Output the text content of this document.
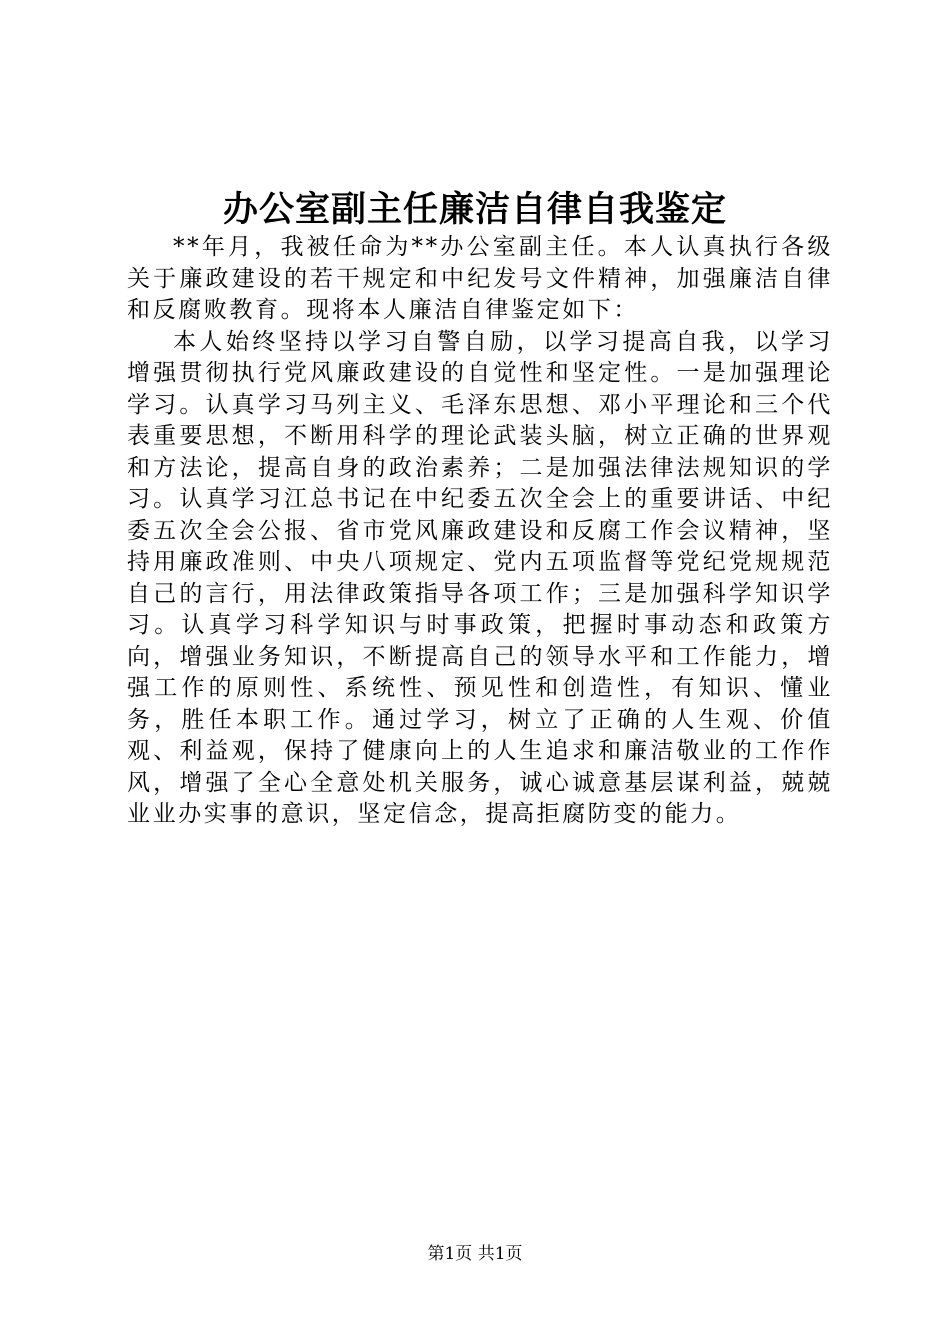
办公室副主任廉洁自律自我鉴定

**年月，我被任命为**办公室副主任。本人认真执行各级关于廉政建设的若干规定和中纪发号文件精神，加强廉洁自律和反腐败教育。现将本人廉洁自律鉴定如下：

本人始终坚持以学习自警自励，以学习提高自我，以学习增强贯彻执行党风廉政建设的自觉性和坚定性。一是加强理论学习。认真学习马列主义、毛泽东思想、邓小平理论和三个代表重要思想，不断用科学的理论武装头脑，树立正确的世界观和方法论，提高自身的政治素养；二是加强法律法规知识的学习。认真学习江总书记在中纪委五次全会上的重要讲话、中纪委五次全会公报、省市党风廉政建设和反腐工作会议精神，坚持用廉政准则、中央八项规定、党内五项监督等党纪党规规范自己的言行，用法律政策指导各项工作；三是加强科学知识学习。认真学习科学知识与时事政策，把握时事动态和政策方向，增强业务知识，不断提高自己的领导水平和工作能力，增强工作的原则性、系统性、预见性和创造性，有知识、懂业务，胜任本职工作。通过学习，树立了正确的人生观、价值观、利益观，保持了健康向上的人生追求和廉洁敬业的工作作风，增强了全心全意处机关服务，诚心诚意基层谋利益，兢兢业业办实事的意识，坚定信念，提高拒腐防变的能力。

第1页 共1页
